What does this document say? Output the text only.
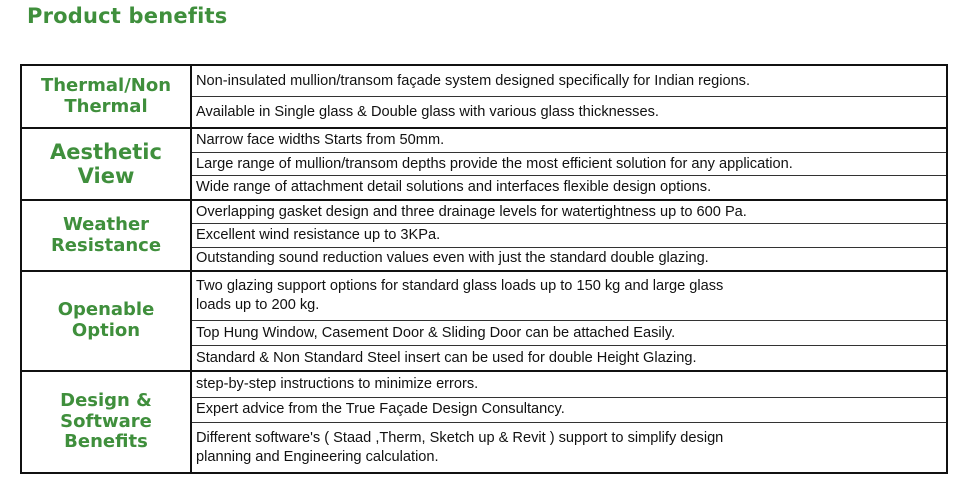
Product benefits
Thermal/Non
Thermal
Non-insulated mullion/transom façade system designed specifically for Indian regions.
Available in Single glass & Double glass with various glass thicknesses.
Aesthetic
View
Narrow face widths Starts from 50mm.
Large range of mullion/transom depths provide the most efficient solution for any application.
Wide range of attachment detail solutions and interfaces flexible design options.
Weather
Resistance
Overlapping gasket design and three drainage levels for watertightness up to 600 Pa.
Excellent wind resistance up to 3KPa.
Outstanding sound reduction values even with just the standard double glazing.
Openable
Option
Two glazing support options for standard glass loads up to 150 kg and large glass
loads up to 200 kg.
Top Hung Window, Casement Door & Sliding Door can be attached Easily.
Standard & Non Standard Steel insert can be used for double Height Glazing.
Design &
Software
Benefits
step-by-step instructions to minimize errors.
Expert advice from the True Façade Design Consultancy.
Different software's ( Staad ,Therm, Sketch up & Revit ) support to simplify design
planning and Engineering calculation.
